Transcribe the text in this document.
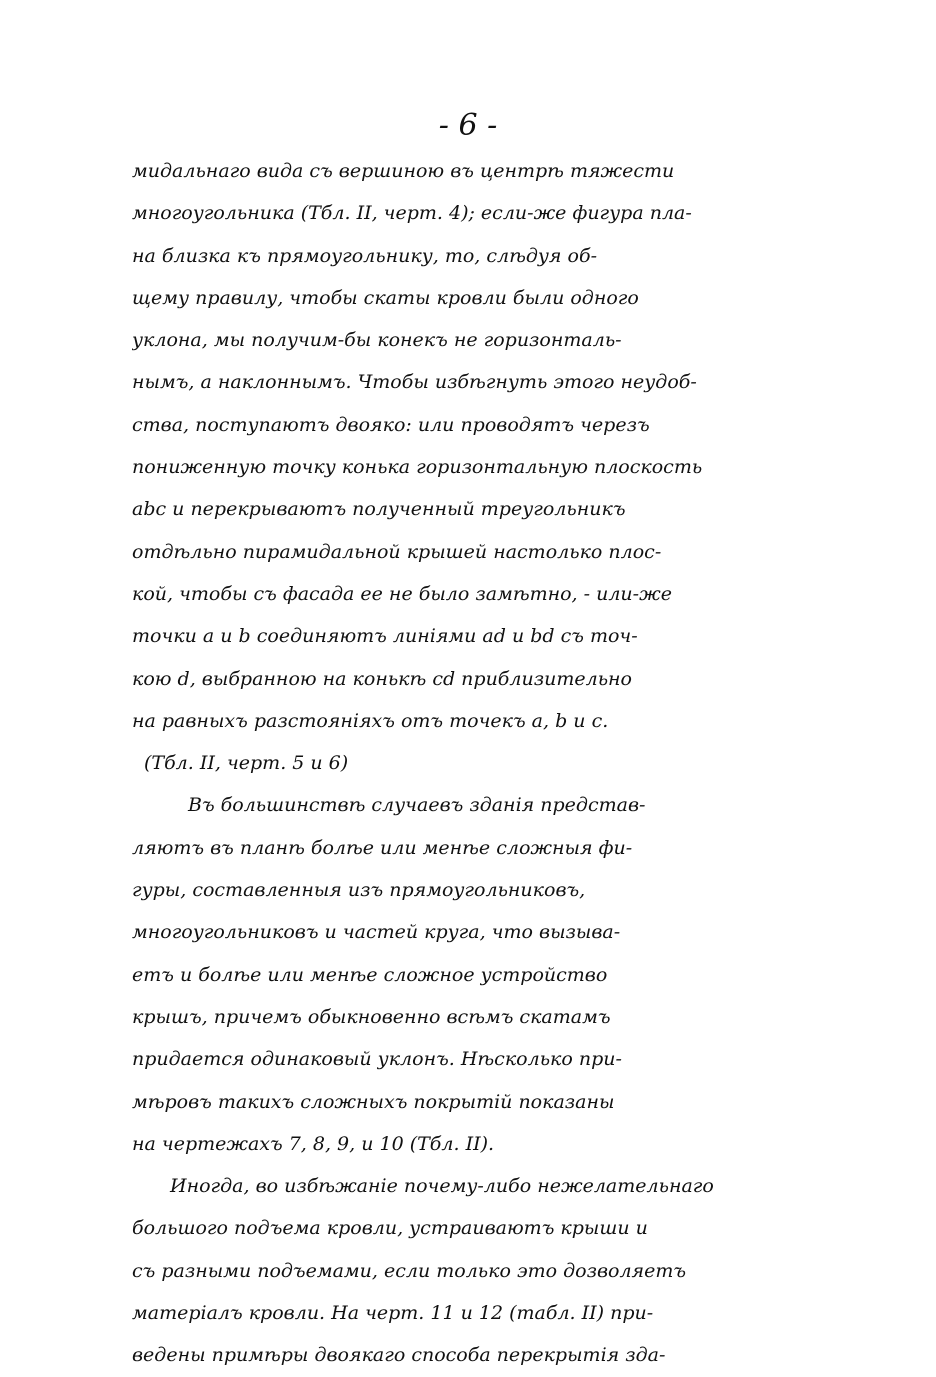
- 6 -
мидальнаго вида съ вершиною въ центрѣ тяжести
многоугольника (Тбл. II, черт. 4); если-же фигура пла-
на близка къ прямоугольнику, то, слѣдуя об-
щему правилу, чтобы скаты кровли были одного
уклона, мы получим-бы конекъ не горизонталь-
нымъ, а наклоннымъ. Чтобы избѣгнуть этого неудоб-
ства, поступаютъ двояко: или проводятъ черезъ
пониженную точку конька горизонтальную плоскость
abc и перекрываютъ полученный треугольникъ
отдѣльно пирамидальной крышей настолько плос-
кой, чтобы съ фасада ее не было замѣтно, - или-же
точки a и b соединяютъ линіями ad и bd съ точ-
кою d, выбранною на конькѣ cd приблизительно
на равныхъ разстояніяхъ отъ точекъ a, b и c.
(Тбл. II, черт. 5 и 6)
Въ большинствѣ случаевъ зданія представ-
ляютъ въ планѣ болѣе или менѣе сложныя фи-
гуры, составленныя изъ прямоугольниковъ,
многоугольниковъ и частей круга, что вызыва-
етъ и болѣе или менѣе сложное устройство
крышъ, причемъ обыкновенно всѣмъ скатамъ
придается одинаковый уклонъ. Нѣсколько при-
мѣровъ такихъ сложныхъ покрытій показаны
на чертежахъ 7, 8, 9, и 10 (Тбл. II).
Иногда, во избѣжаніе почему-либо нежелательнаго
большого подъема кровли, устраиваютъ крыши и
съ разными подъемами, если только это дозволяетъ
матеріалъ кровли. На черт. 11 и 12 (табл. II) при-
ведены примѣры двоякаго способа перекрытія зда-
